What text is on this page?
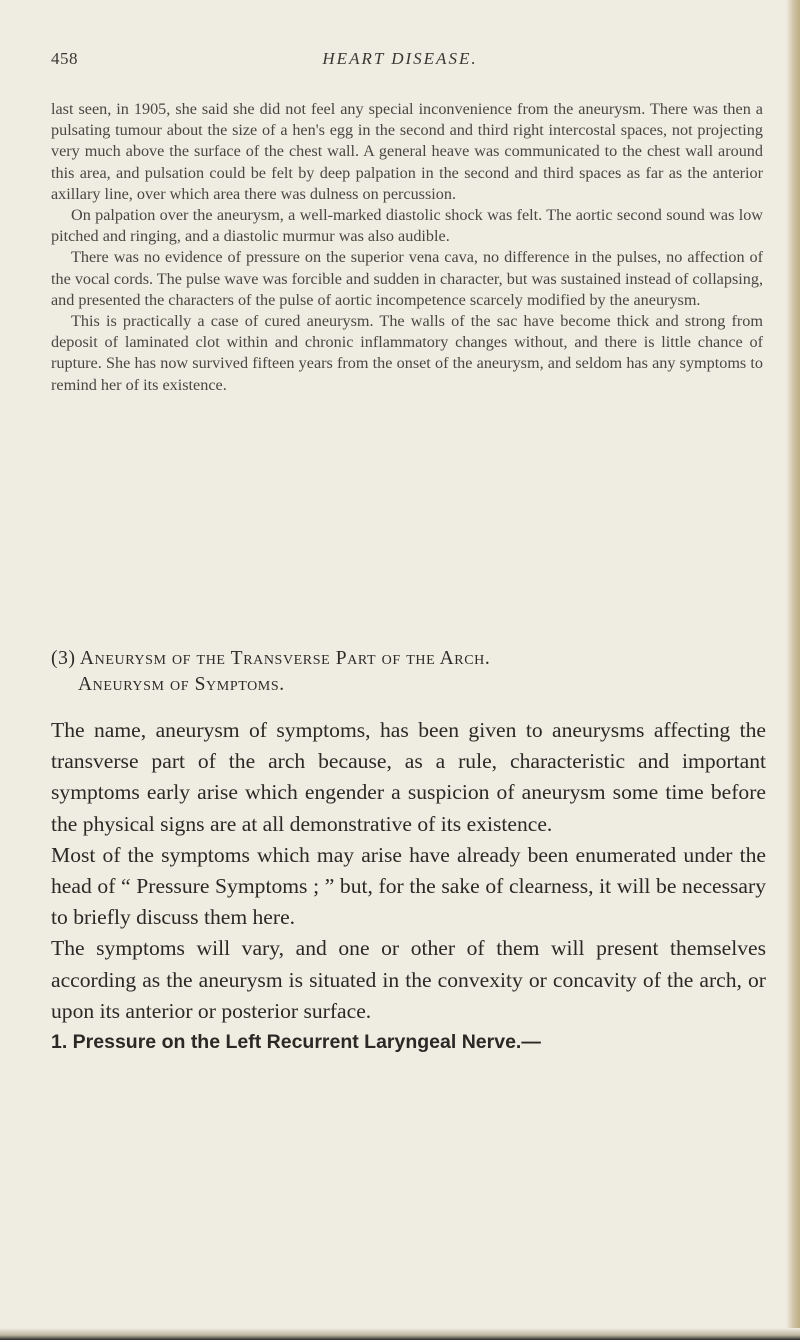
458	HEART DISEASE.

last seen, in 1905, she said she did not feel any special inconvenience from the aneurysm. There was then a pulsating tumour about the size of a hen's egg in the second and third right intercostal spaces, not projecting very much above the surface of the chest wall. A general heave was communicated to the chest wall around this area, and pulsation could be felt by deep palpation in the second and third spaces as far as the anterior axillary line, over which area there was dulness on percussion.

On palpation over the aneurysm, a well-marked diastolic shock was felt. The aortic second sound was low pitched and ringing, and a diastolic murmur was also audible.

There was no evidence of pressure on the superior vena cava, no difference in the pulses, no affection of the vocal cords. The pulse wave was forcible and sudden in character, but was sustained instead of collapsing, and presented the characters of the pulse of aortic incompetence scarcely modified by the aneurysm.

This is practically a case of cured aneurysm. The walls of the sac have become thick and strong from deposit of laminated clot within and chronic inflammatory changes without, and there is little chance of rupture. She has now survived fifteen years from the onset of the aneurysm, and seldom has any symptoms to remind her of its existence.

(3) Aneurysm of the Transverse Part of the Arch.
Aneurysm of Symptoms.

The name, aneurysm of symptoms, has been given to aneurysms affecting the transverse part of the arch because, as a rule, characteristic and important symptoms early arise which engender a suspicion of aneurysm some time before the physical signs are at all demonstrative of its existence.

Most of the symptoms which may arise have already been enumerated under the head of “ Pressure Symptoms ; ” but, for the sake of clearness, it will be necessary to briefly discuss them here.

The symptoms will vary, and one or other of them will present themselves according as the aneurysm is situated in the convexity or concavity of the arch, or upon its anterior or posterior surface.

1. Pressure on the Left Recurrent Laryngeal Nerve.—
